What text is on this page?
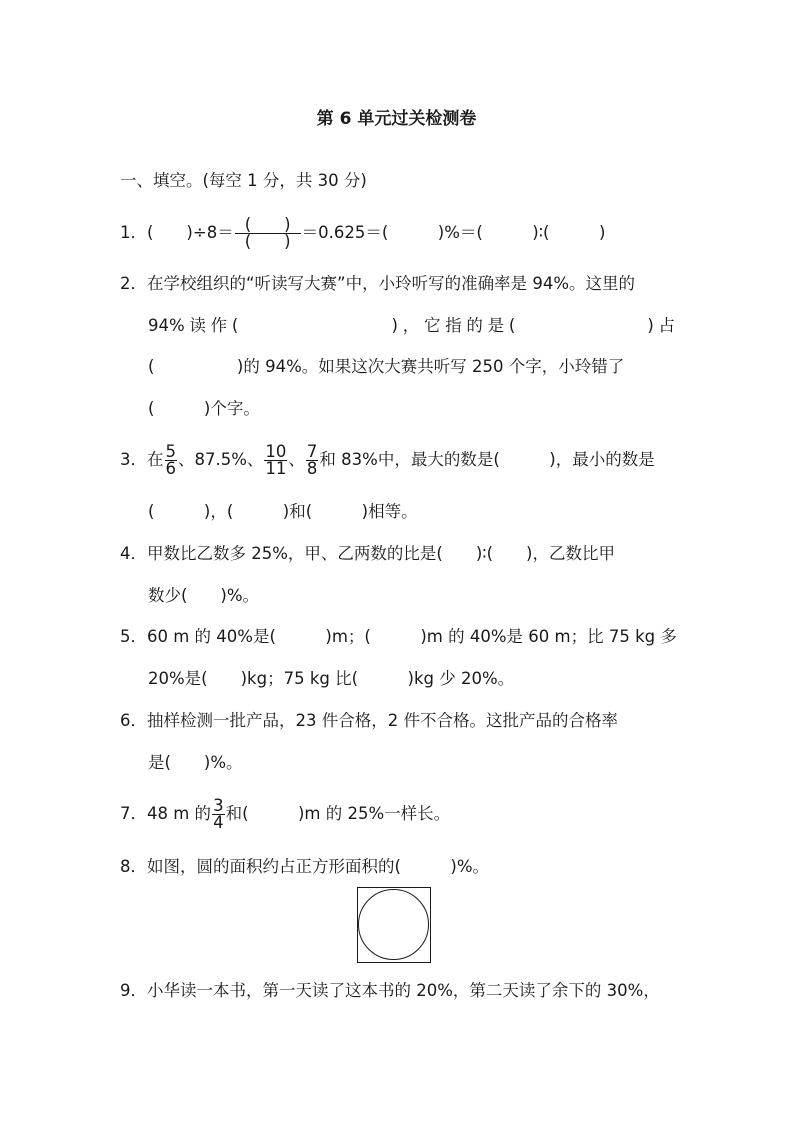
第 6 单元过关检测卷
一、填空。(每空 1 分，共 30 分)
1．(　　)$\div 8= \frac{( )}{( )} =0.625=$(　　　)%＝(　　　)∶(　　　)
2．在学校组织的“听读写大赛”中，小玲听写的准确率是 94%。这里的
94%读作(　　　　　　　)，它指的是(　　　　　　)占
(　　　　　)的 94%。如果这次大赛共听写 250 个字，小玲错了
(　　　)个字。
3．在 $\frac{5}{6}$ 、87.5%、 $\frac{10}{11}$ 、 $\frac{7}{8}$ 和 83%中，最大的数是(　　　)，最小的数是
(　　　)，(　　　)和(　　　)相等。
4．甲数比乙数多 25%，甲、乙两数的比是(　　)∶(　　)，乙数比甲
数少(　　)%。
5．60 m 的 40%是(　　　)m；(　　　)m 的 40%是 60 m；比 75 kg 多
20%是(　　)kg；75 kg 比(　　　)kg 少 20%。
6．抽样检测一批产品，23 件合格，2 件不合格。这批产品的合格率
是(　　)%。
7．48 m 的 $\frac{3}{4}$ 和(　　　)m 的 25%一样长。
8．如图，圆的面积约占正方形面积的(　　　)%。
9．小华读一本书，第一天读了这本书的 20%，第二天读了余下的 30%，
